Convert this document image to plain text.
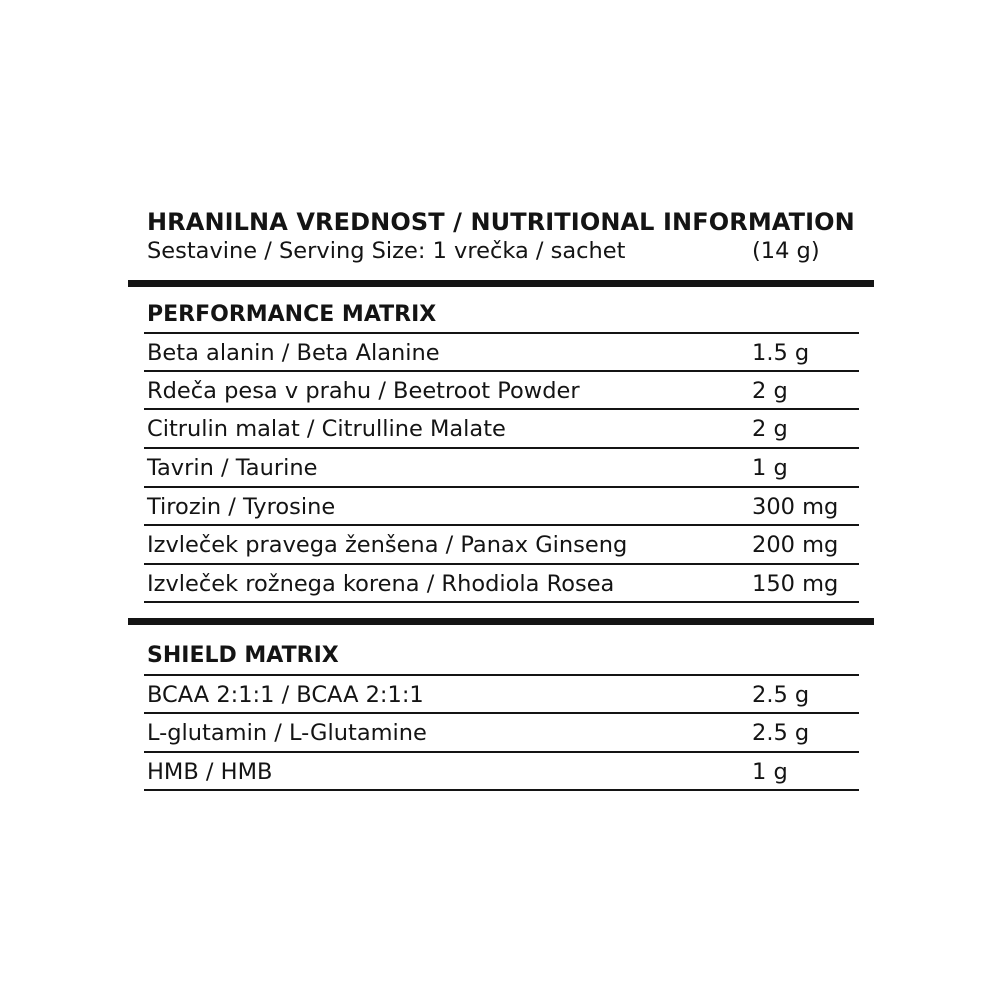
HRANILNA VREDNOST / NUTRITIONAL INFORMATION
Sestavine / Serving Size: 1 vrečka / sachet	(14 g)
PERFORMANCE MATRIX
Beta alanin / Beta Alanine	1.5 g
Rdeča pesa v prahu / Beetroot Powder	2 g
Citrulin malat / Citrulline Malate	2 g
Tavrin / Taurine	1 g
Tirozin / Tyrosine	300 mg
Izvleček pravega ženšena / Panax Ginseng	200 mg
Izvleček rožnega korena / Rhodiola Rosea	150 mg
SHIELD MATRIX
BCAA 2:1:1 / BCAA 2:1:1	2.5 g
L-glutamin / L-Glutamine	2.5 g
HMB / HMB	1 g
